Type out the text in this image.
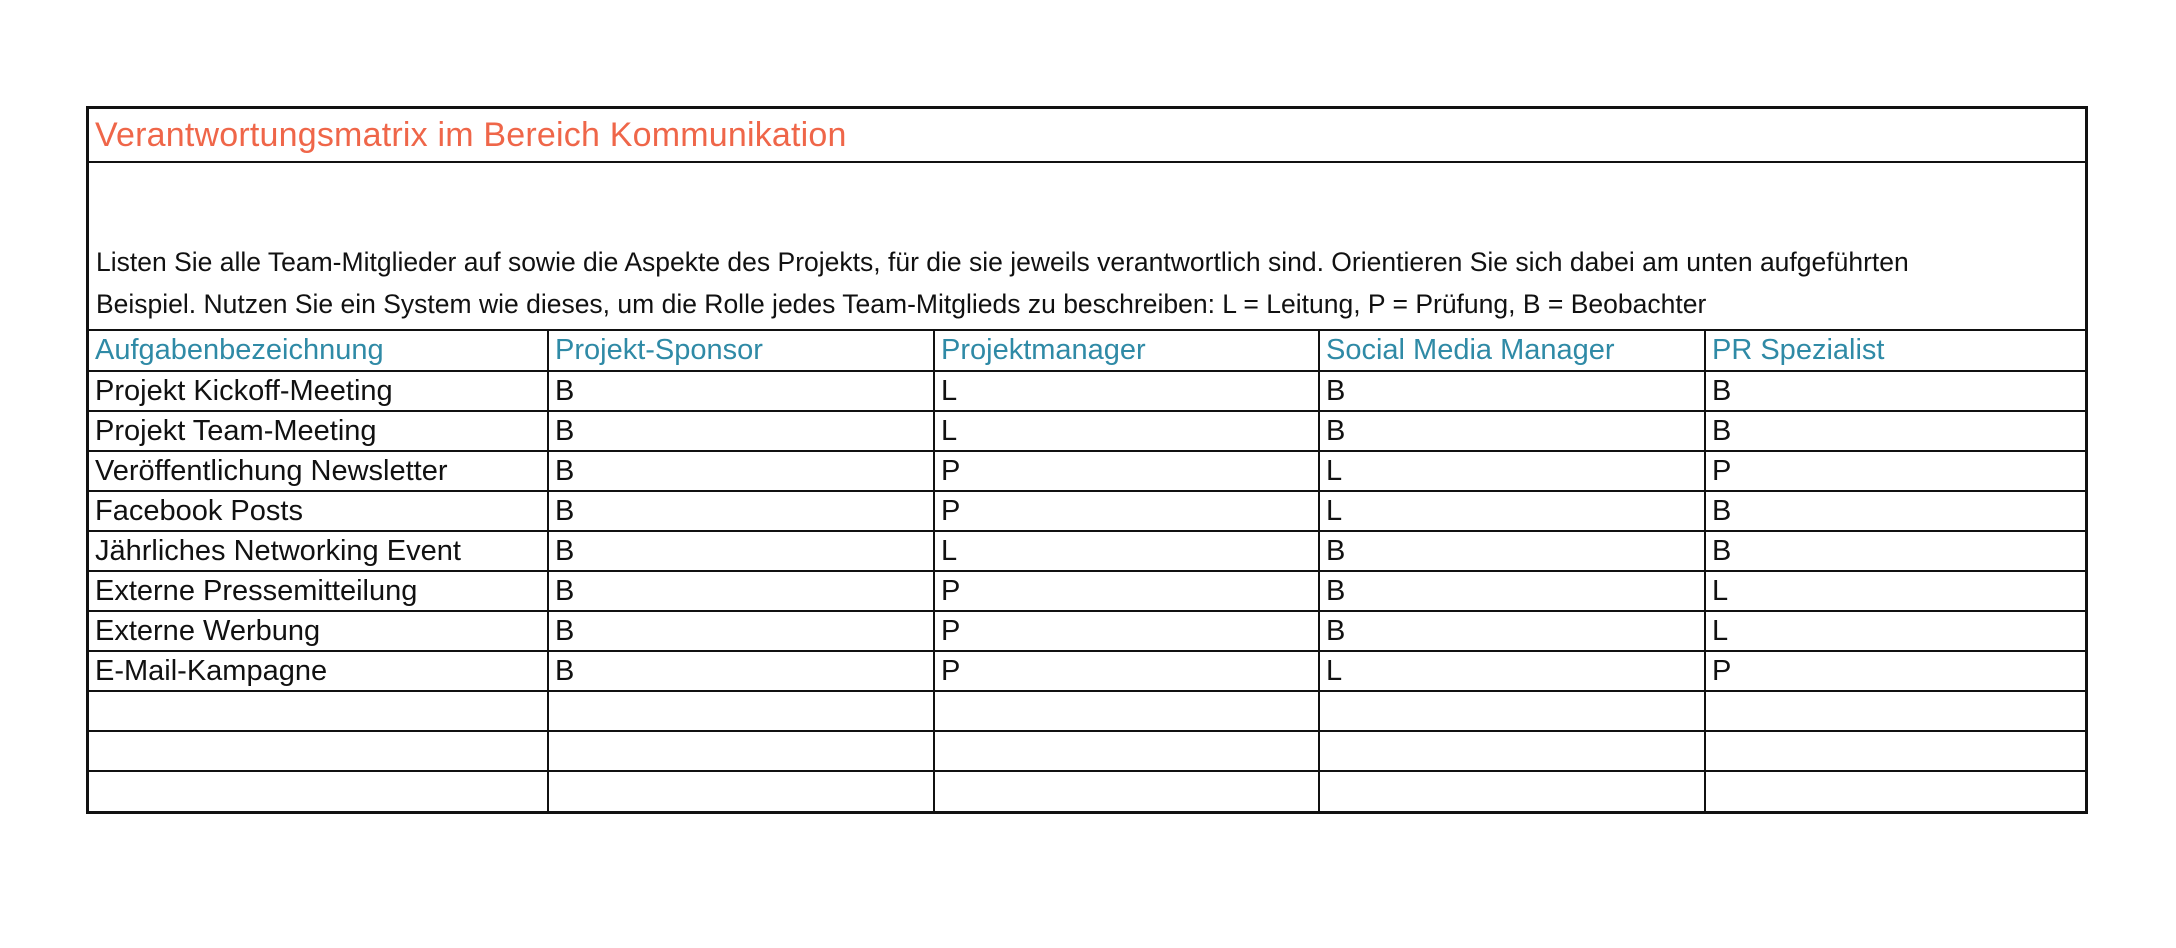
Verantwortungsmatrix im Bereich Kommunikation

Listen Sie alle Team-Mitglieder auf sowie die Aspekte des Projekts, für die sie jeweils verantwortlich sind. Orientieren Sie sich dabei am unten aufgeführten

Beispiel. Nutzen Sie ein System wie dieses, um die Rolle jedes Team-Mitglieds zu beschreiben: L = Leitung, P = Prüfung, B = Beobachter

Aufgabenbezeichnung	Projekt-Sponsor	Projektmanager	Social Media Manager	PR Spezialist
Projekt Kickoff-Meeting	B	L	B	B
Projekt Team-Meeting	B	L	B	B
Veröffentlichung Newsletter	B	P	L	P
Facebook Posts	B	P	L	B
Jährliches Networking Event	B	L	B	B
Externe Pressemitteilung	B	P	B	L
Externe Werbung	B	P	B	L
E-Mail-Kampagne	B	P	L	P
